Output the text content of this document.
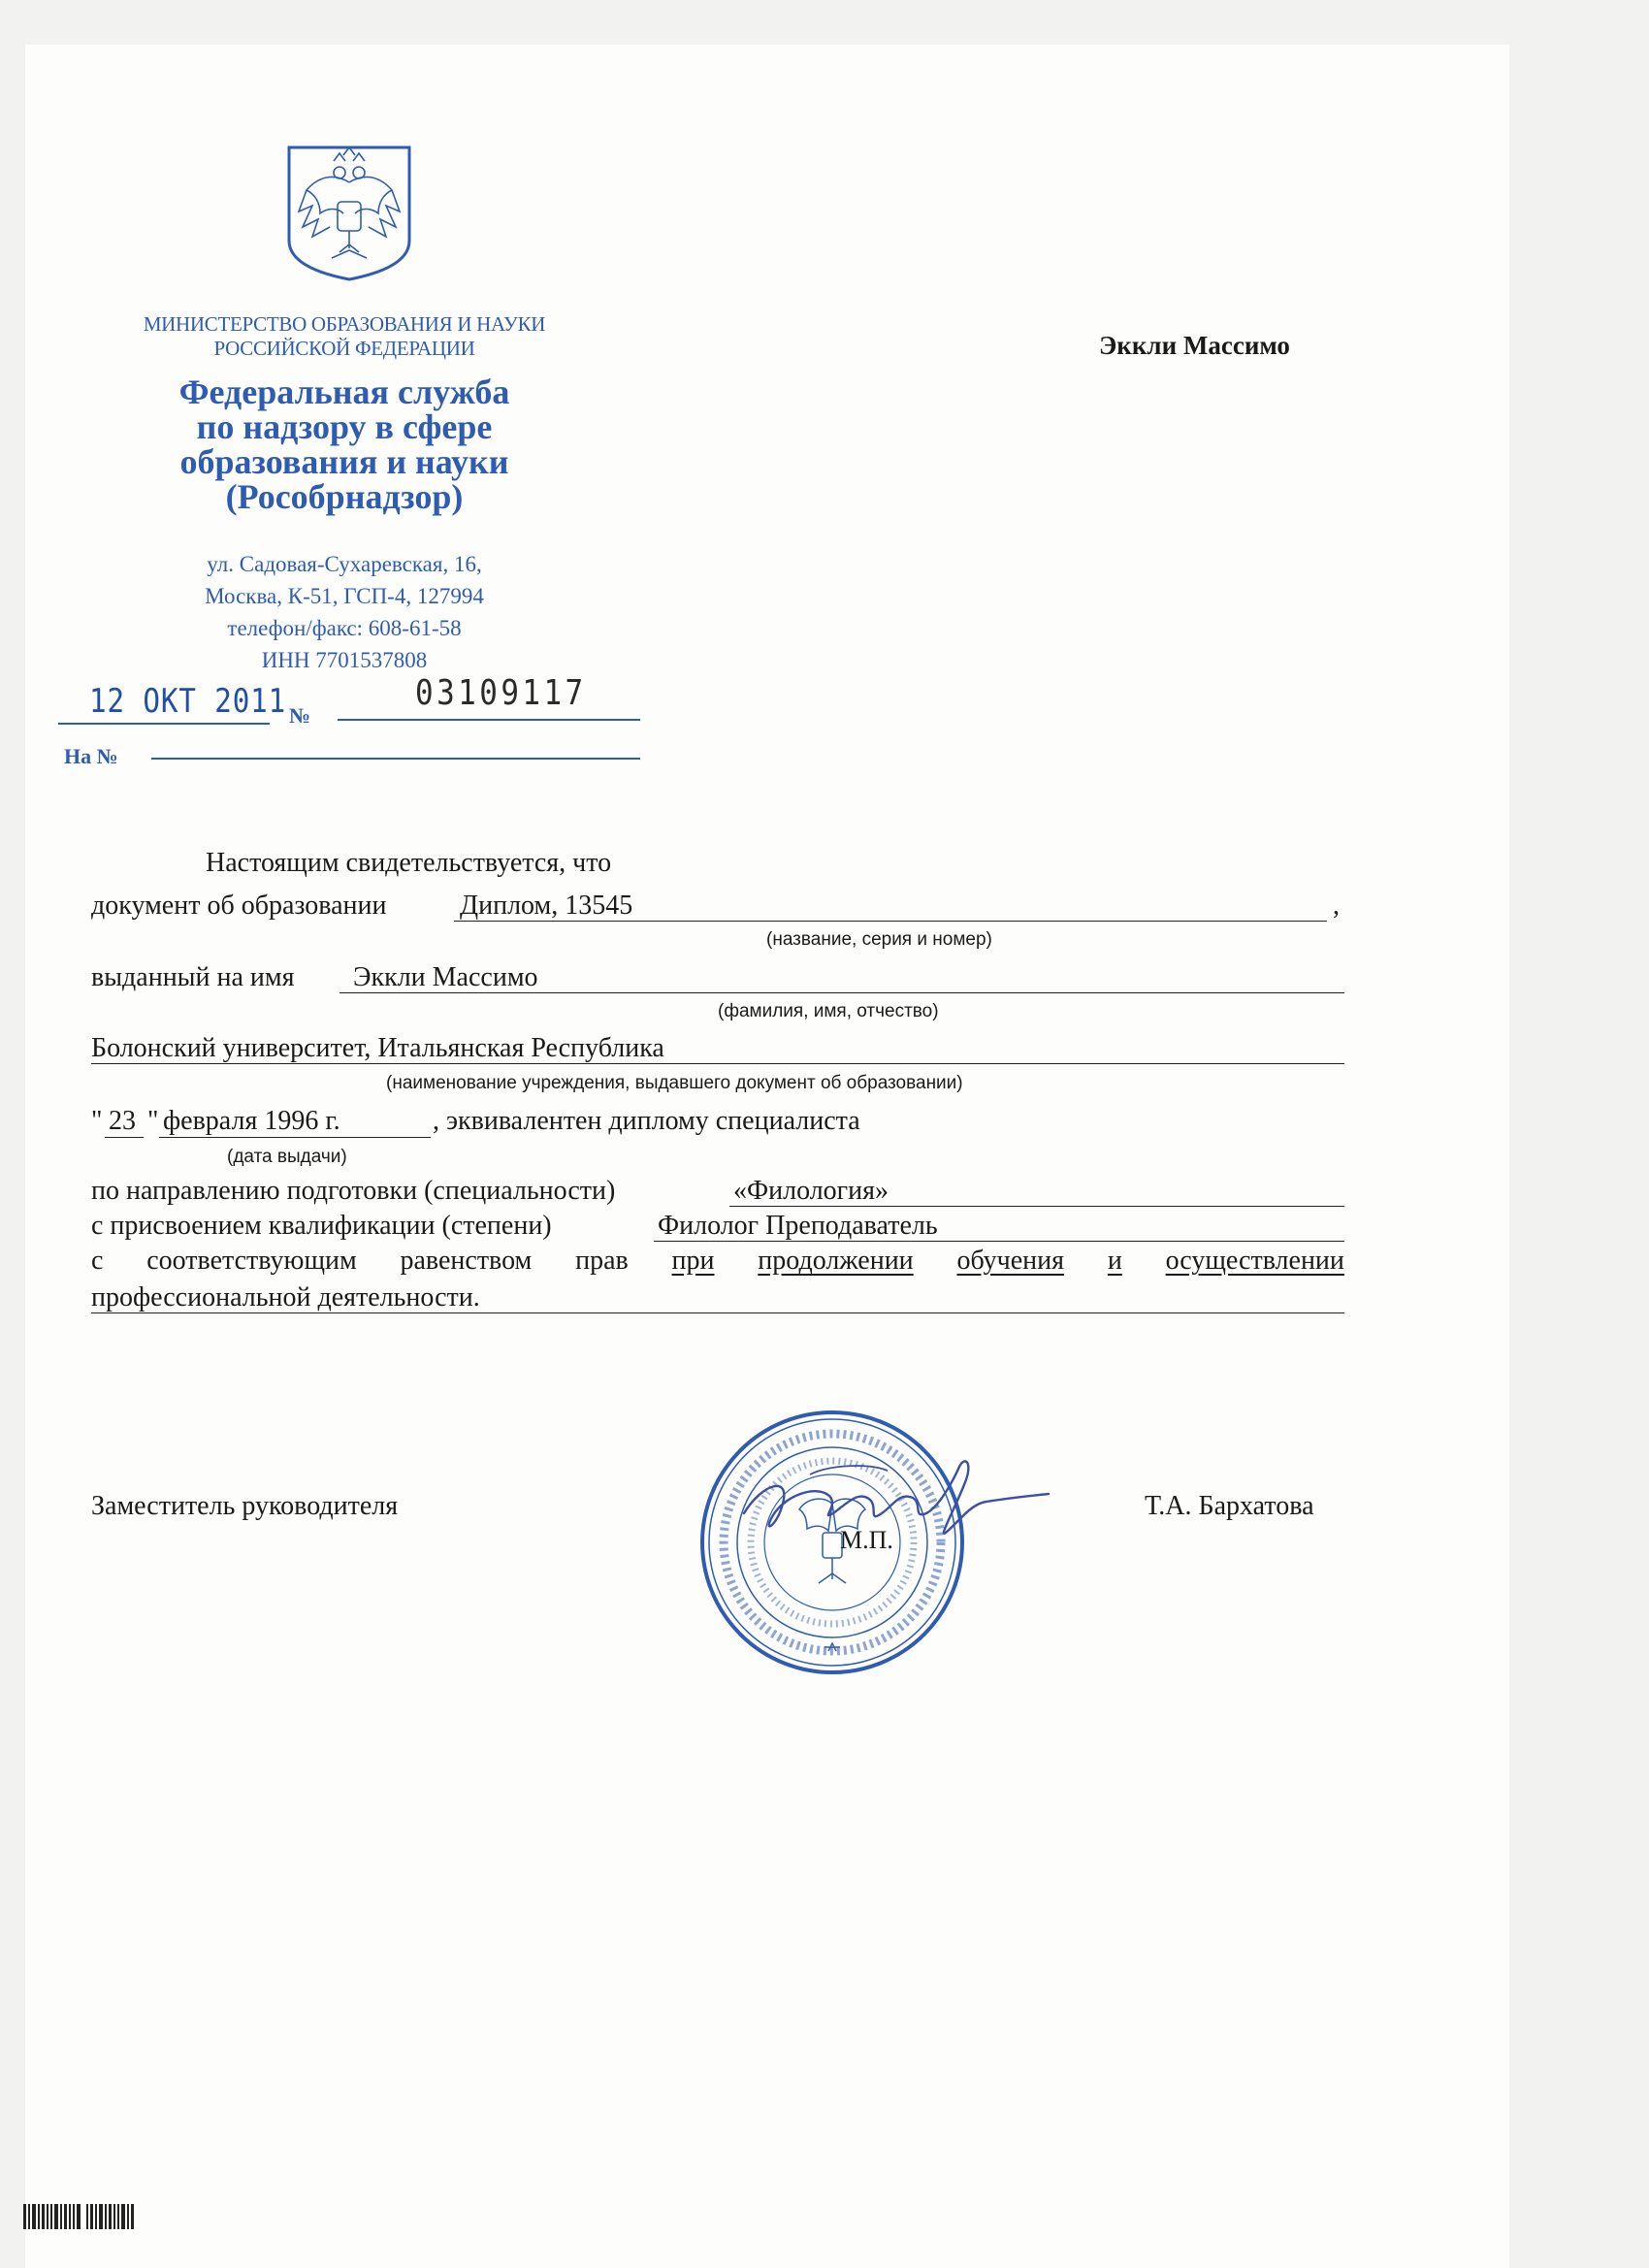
МИНИСТЕРСТВО ОБРАЗОВАНИЯ И НАУКИ
РОССИЙСКОЙ ФЕДЕРАЦИИ
Федеральная служба
по надзору в сфере
образования и науки
(Рособрнадзор)
ул. Садовая-Сухаревская, 16,
Москва, К-51, ГСП-4, 127994
телефон/факс: 608-61-58
ИНН 7701537808
12 ОКТ 2011 №
03109117
На №
Эккли Массимо
Настоящим свидетельствуется, что
документ об образовании	Диплом, 13545	,
(название, серия и номер)
выданный на имя Эккли Массимо
(фамилия, имя, отчество)
Болонский университет, Итальянская Республика
(наименование учреждения, выдавшего документ об образовании)
" 23 " февраля 1996 г.	, эквивалентен диплому специалиста
(дата выдачи)
по направлению подготовки (специальности)	«Филология»
с присвоением квалификации (степени)	Филолог Преподаватель
с соответствующим равенством прав при продолжении обучения и осуществлении
профессиональной деятельности.
Заместитель руководителя
М.П.
Т.А. Бархатова
